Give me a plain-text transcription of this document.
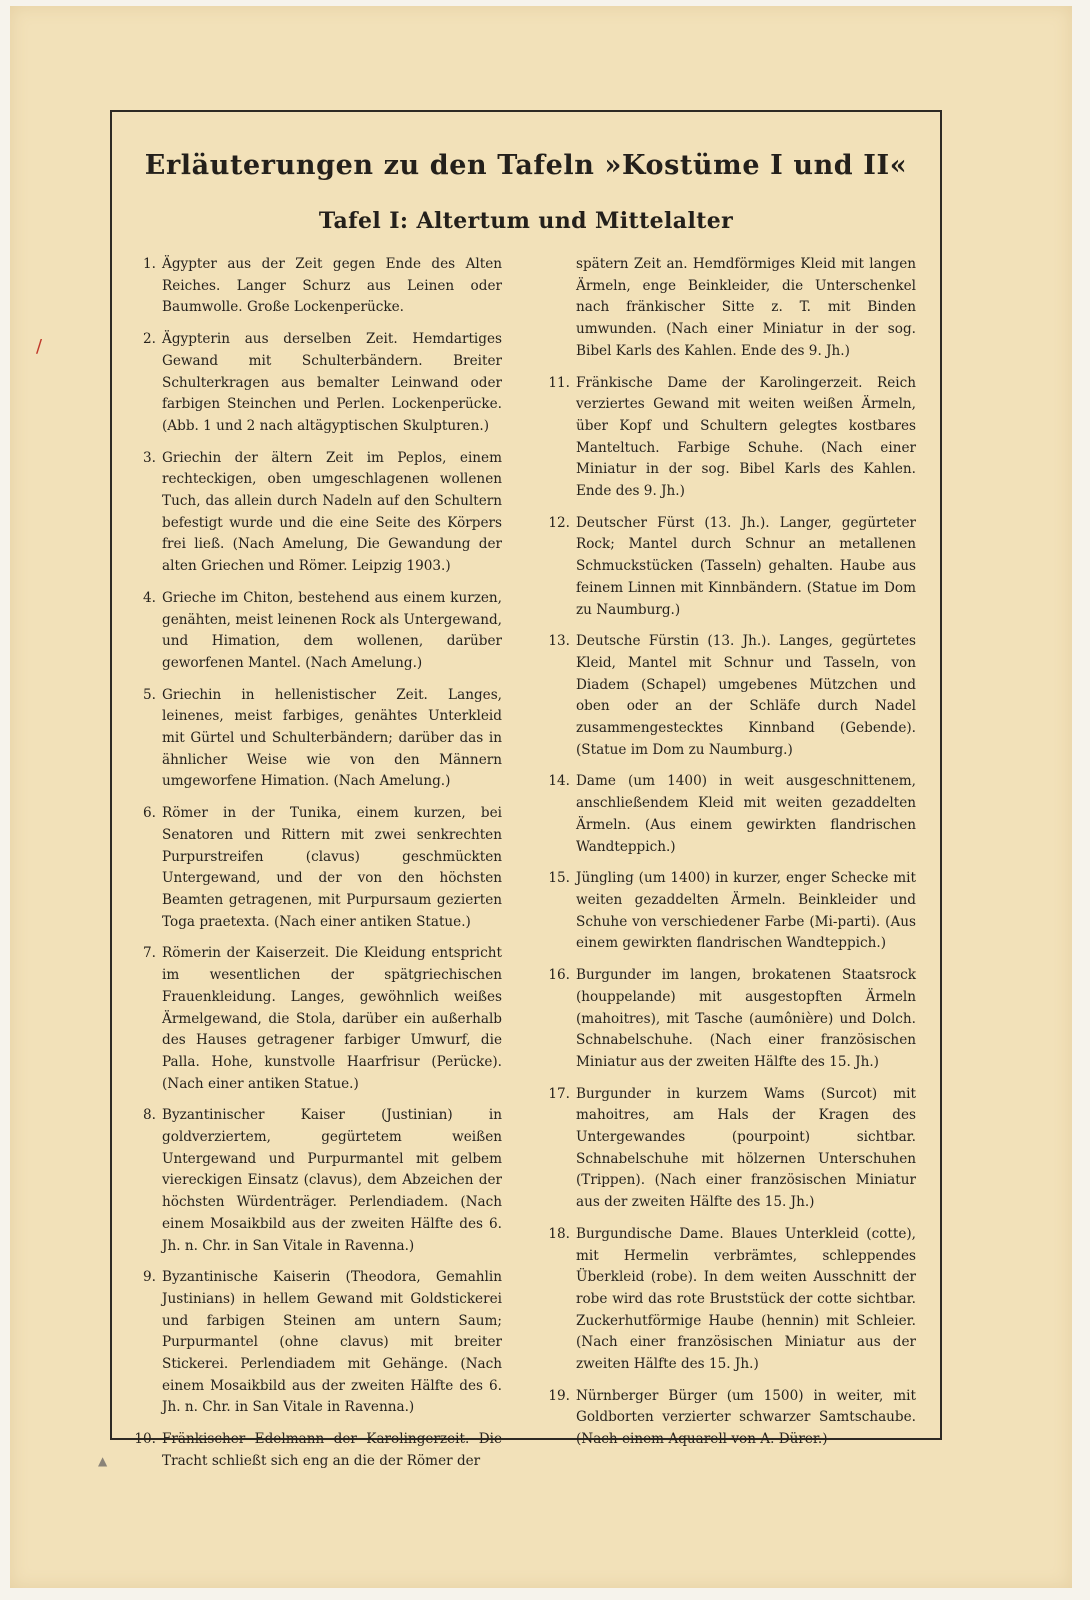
/
▲
Erläuterungen zu den Tafeln »Kostüme I und II«
Tafel I: Altertum und Mittelalter
1. Ägypter aus der Zeit gegen Ende des Alten Reiches. Langer Schurz aus Leinen oder Baumwolle. Große Lockenperücke.
2. Ägypterin aus derselben Zeit. Hemdartiges Gewand mit Schulterbändern. Breiter Schulterkragen aus bemalter Leinwand oder farbigen Steinchen und Perlen. Lockenperücke. (Abb. 1 und 2 nach altägyptischen Skulpturen.)
3. Griechin der ältern Zeit im Peplos, einem rechteckigen, oben umgeschlagenen wollenen Tuch, das allein durch Nadeln auf den Schultern befestigt wurde und die eine Seite des Körpers frei ließ. (Nach Amelung, Die Gewandung der alten Griechen und Römer. Leipzig 1903.)
4. Grieche im Chiton, bestehend aus einem kurzen, genähten, meist leinenen Rock als Untergewand, und Himation, dem wollenen, darüber geworfenen Mantel. (Nach Amelung.)
5. Griechin in hellenistischer Zeit. Langes, leinenes, meist farbiges, genähtes Unterkleid mit Gürtel und Schulterbändern; darüber das in ähnlicher Weise wie von den Männern umgeworfene Himation. (Nach Amelung.)
6. Römer in der Tunika, einem kurzen, bei Senatoren und Rittern mit zwei senkrechten Purpurstreifen (clavus) geschmückten Untergewand, und der von den höchsten Beamten getragenen, mit Purpursaum gezierten Toga praetexta. (Nach einer antiken Statue.)
7. Römerin der Kaiserzeit. Die Kleidung entspricht im wesentlichen der spätgriechischen Frauenkleidung. Langes, gewöhnlich weißes Ärmelgewand, die Stola, darüber ein außerhalb des Hauses getragener farbiger Umwurf, die Palla. Hohe, kunstvolle Haarfrisur (Perücke). (Nach einer antiken Statue.)
8. Byzantinischer Kaiser (Justinian) in goldverziertem, gegürtetem weißen Untergewand und Purpurmantel mit gelbem viereckigen Einsatz (clavus), dem Abzeichen der höchsten Würdenträger. Perlendiadem. (Nach einem Mosaikbild aus der zweiten Hälfte des 6. Jh. n. Chr. in San Vitale in Ravenna.)
9. Byzantinische Kaiserin (Theodora, Gemahlin Justinians) in hellem Gewand mit Goldstickerei und farbigen Steinen am untern Saum; Purpurmantel (ohne clavus) mit breiter Stickerei. Perlendiadem mit Gehänge. (Nach einem Mosaikbild aus der zweiten Hälfte des 6. Jh. n. Chr. in San Vitale in Ravenna.)
10. Fränkischer Edelmann der Karolingerzeit. Die Tracht schließt sich eng an die der Römer der
spätern Zeit an. Hemdförmiges Kleid mit langen Ärmeln, enge Beinkleider, die Unterschenkel nach fränkischer Sitte z. T. mit Binden umwunden. (Nach einer Miniatur in der sog. Bibel Karls des Kahlen. Ende des 9. Jh.)
11. Fränkische Dame der Karolingerzeit. Reich verziertes Gewand mit weiten weißen Ärmeln, über Kopf und Schultern gelegtes kostbares Manteltuch. Farbige Schuhe. (Nach einer Miniatur in der sog. Bibel Karls des Kahlen. Ende des 9. Jh.)
12. Deutscher Fürst (13. Jh.). Langer, gegürteter Rock; Mantel durch Schnur an metallenen Schmuckstücken (Tasseln) gehalten. Haube aus feinem Linnen mit Kinnbändern. (Statue im Dom zu Naumburg.)
13. Deutsche Fürstin (13. Jh.). Langes, gegürtetes Kleid, Mantel mit Schnur und Tasseln, von Diadem (Schapel) umgebenes Mützchen und oben oder an der Schläfe durch Nadel zusammengestecktes Kinnband (Gebende). (Statue im Dom zu Naumburg.)
14. Dame (um 1400) in weit ausgeschnittenem, anschließendem Kleid mit weiten gezaddelten Ärmeln. (Aus einem gewirkten flandrischen Wandteppich.)
15. Jüngling (um 1400) in kurzer, enger Schecke mit weiten gezaddelten Ärmeln. Beinkleider und Schuhe von verschiedener Farbe (Mi-parti). (Aus einem gewirkten flandrischen Wandteppich.)
16. Burgunder im langen, brokatenen Staatsrock (houppelande) mit ausgestopften Ärmeln (mahoitres), mit Tasche (aumônière) und Dolch. Schnabelschuhe. (Nach einer französischen Miniatur aus der zweiten Hälfte des 15. Jh.)
17. Burgunder in kurzem Wams (Surcot) mit mahoitres, am Hals der Kragen des Untergewandes (pourpoint) sichtbar. Schnabelschuhe mit hölzernen Unterschuhen (Trippen). (Nach einer französischen Miniatur aus der zweiten Hälfte des 15. Jh.)
18. Burgundische Dame. Blaues Unterkleid (cotte), mit Hermelin verbrämtes, schleppendes Überkleid (robe). In dem weiten Ausschnitt der robe wird das rote Bruststück der cotte sichtbar. Zuckerhutförmige Haube (hennin) mit Schleier. (Nach einer französischen Miniatur aus der zweiten Hälfte des 15. Jh.)
19. Nürnberger Bürger (um 1500) in weiter, mit Goldborten verzierter schwarzer Samtschaube. (Nach einem Aquarell von A. Dürer.)
